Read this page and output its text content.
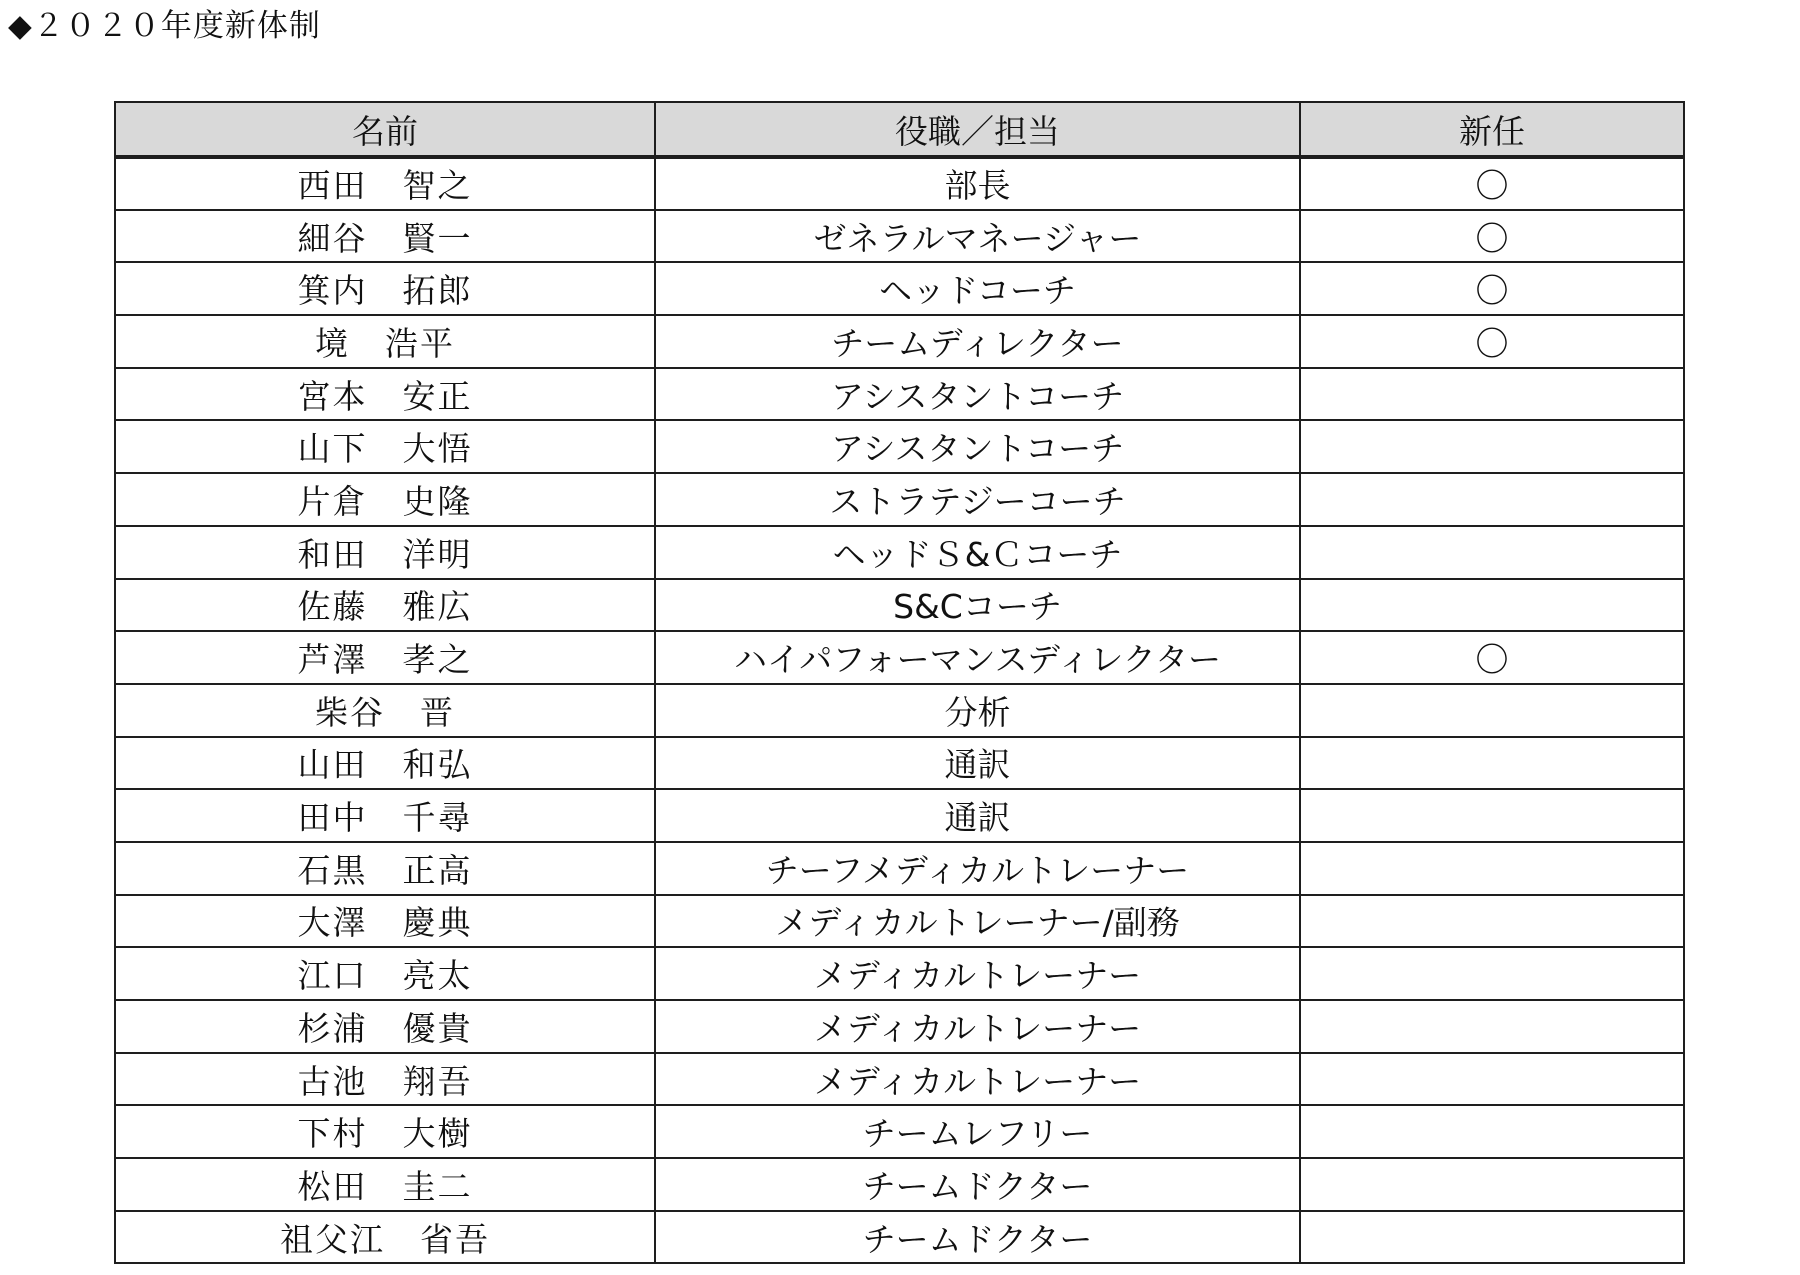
◆２０２０年度新体制
名前	役職／担当	新任
西田　智之	部長	〇
細谷　賢一	ゼネラルマネージャー	〇
箕内　拓郎	ヘッドコーチ	〇
境　浩平	チームディレクター	〇
宮本　安正	アシスタントコーチ	
山下　大悟	アシスタントコーチ	
片倉　史隆	ストラテジーコーチ	
和田　洋明	ヘッドＳ&Ｃコーチ	
佐藤　雅広	S&Cコーチ	
芦澤　孝之	ハイパフォーマンスディレクター	〇
柴谷　晋	分析	
山田　和弘	通訳	
田中　千尋	通訳	
石黒　正高	チーフメディカルトレーナー	
大澤　慶典	メディカルトレーナー/副務	
江口　亮太	メディカルトレーナー	
杉浦　優貴	メディカルトレーナー	
古池　翔吾	メディカルトレーナー	
下村　大樹	チームレフリー	
松田　圭二	チームドクター	
祖父江　省吾	チームドクター	
